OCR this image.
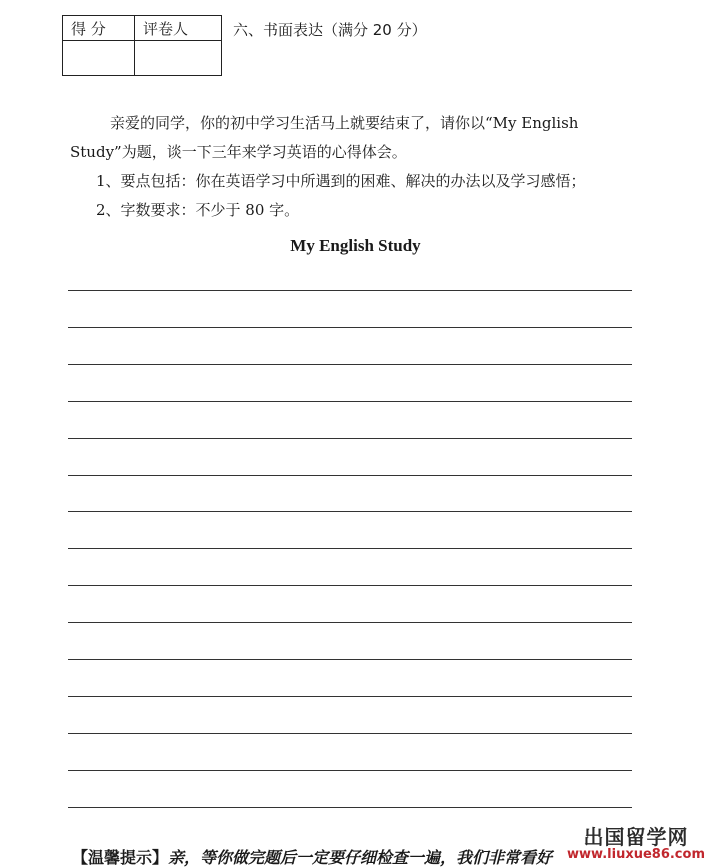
得 分	评卷人
		六、书面表达（满分 20 分）
亲爱的同学，你的初中学习生活马上就要结束了，请你以“My English Study”为题，谈一下三年来学习英语的心得体会。
1、要点包括：你在英语学习中所遇到的困难、解决的办法以及学习感悟；
2、字数要求：不少于 80 字。
My English Study
【温馨提示】亲，等你做完题后一定要仔细检查一遍，我们非常看好
出国留学网
www.liuxue86.com
